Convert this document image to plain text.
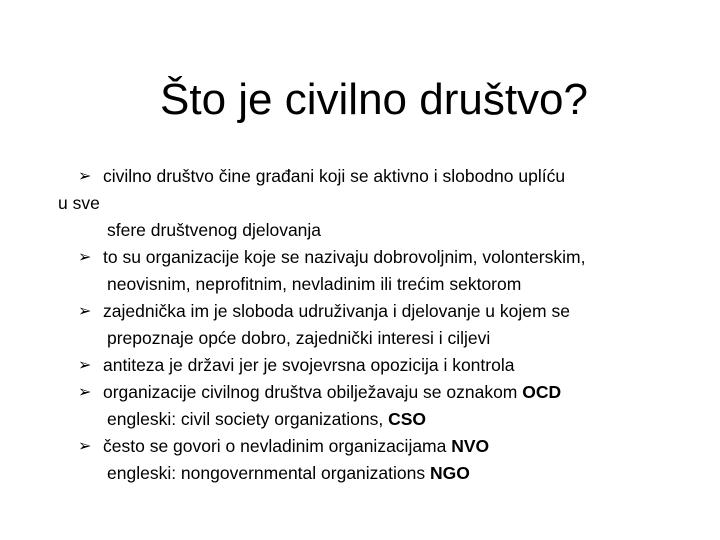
Što je civilno društvo?
➢ civilno društvo čine građani koji se aktivno i slobodno uplíću
u sve
sfere društvenog djelovanja
➢ to su organizacije koje se nazivaju dobrovoljnim, volonterskim,
neovisnim, neprofitnim, nevladinim ili trećim sektorom
➢ zajednička im je sloboda udruživanja i djelovanje u kojem se
prepoznaje opće dobro, zajednički interesi i ciljevi
➢ antiteza je državi jer je svojevrsna opozicija i kontrola
➢ organizacije civilnog društva obilježavaju se oznakom OCD
engleski: civil society organizations, CSO
➢ često se govori o nevladinim organizacijama NVO
engleski: nongovernmental organizations NGO
